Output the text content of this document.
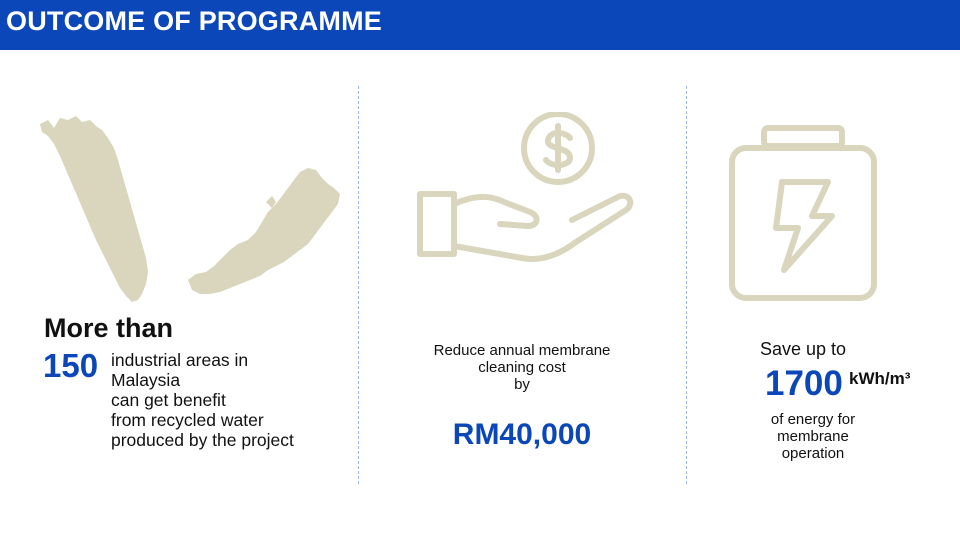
OUTCOME OF PROGRAMME
More than
150 industrial areas in
Malaysia
can get benefit
from recycled water
produced by the project
Reduce annual membrane
cleaning cost
by
RM40,000
Save up to
1700 kWh/m³
of energy for
membrane
operation
